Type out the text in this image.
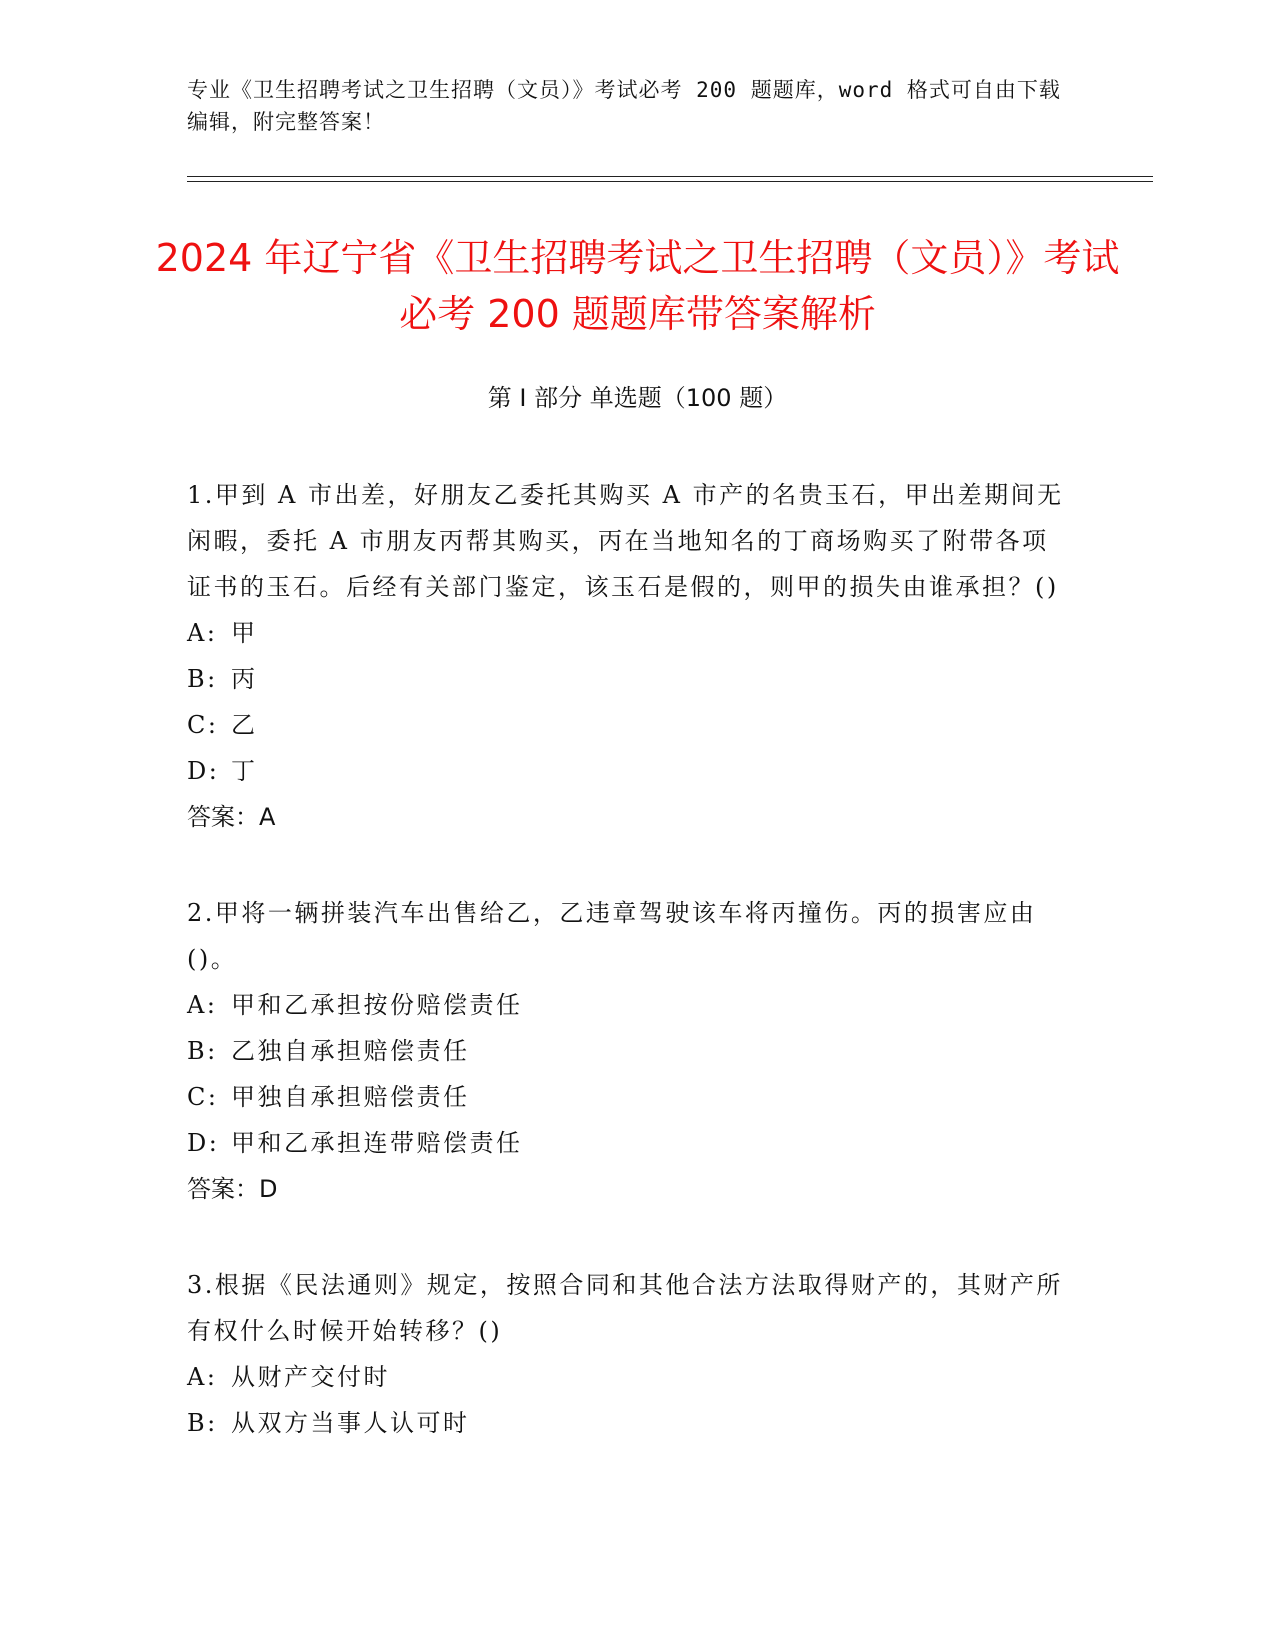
专业《卫生招聘考试之卫生招聘（文员）》考试必考 200 题题库，word 格式可自由下载编辑，附完整答案！
2024 年辽宁省《卫生招聘考试之卫生招聘（文员）》考试必考 200 题题库带答案解析
第 I 部分 单选题（100 题）
1.甲到 A 市出差，好朋友乙委托其购买 A 市产的名贵玉石，甲出差期间无闲暇，委托 A 市朋友丙帮其购买，丙在当地知名的丁商场购买了附带各项证书的玉石。后经有关部门鉴定，该玉石是假的，则甲的损失由谁承担？()
A: 甲
B: 丙
C: 乙
D: 丁
答案：A
2.甲将一辆拼装汽车出售给乙，乙违章驾驶该车将丙撞伤。丙的损害应由()。
A: 甲和乙承担按份赔偿责任
B: 乙独自承担赔偿责任
C: 甲独自承担赔偿责任
D: 甲和乙承担连带赔偿责任
答案：D
3.根据《民法通则》规定，按照合同和其他合法方法取得财产的，其财产所有权什么时候开始转移？()
A: 从财产交付时
B: 从双方当事人认可时
